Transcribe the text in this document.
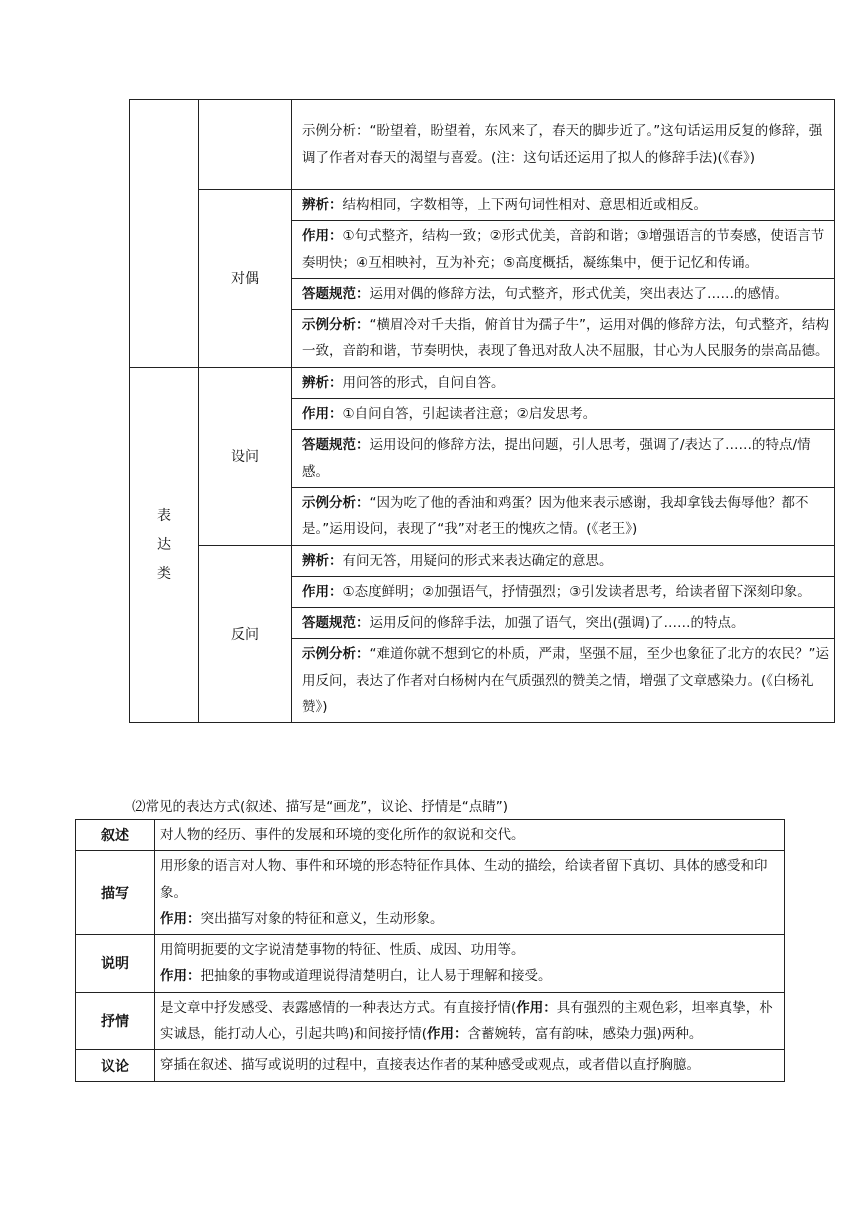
		示例分析：“盼望着，盼望着，东风来了，春天的脚步近了。”这句话运用反复的修辞，强调了作者对春天的渴望与喜爱。(注：这句话还运用了拟人的修辞手法)(《春》)
	对偶	辨析：结构相同，字数相等，上下两句词性相对、意思相近或相反。
		作用：①句式整齐，结构一致；②形式优美，音韵和谐；③增强语言的节奏感，使语言节奏明快；④互相映衬，互为补充；⑤高度概括，凝练集中，便于记忆和传诵。
		答题规范：运用对偶的修辞方法，句式整齐，形式优美，突出表达了……的感情。
		示例分析：“横眉冷对千夫指，俯首甘为孺子牛”，运用对偶的修辞方法，句式整齐，结构一致，音韵和谐，节奏明快，表现了鲁迅对敌人决不屈服，甘心为人民服务的崇高品德。

表达类	设问	辨析：用问答的形式，自问自答。
		作用：①自问自答，引起读者注意；②启发思考。
		答题规范：运用设问的修辞方法，提出问题，引人思考，强调了/表达了……的特点/情感。
		示例分析：“因为吃了他的香油和鸡蛋？因为他来表示感谢，我却拿钱去侮辱他？都不是。”运用设问，表现了“我”对老王的愧疚之情。(《老王》)
	反问	辨析：有问无答，用疑问的形式来表达确定的意思。
		作用：①态度鲜明；②加强语气，抒情强烈；③引发读者思考，给读者留下深刻印象。
		答题规范：运用反问的修辞手法，加强了语气，突出(强调)了……的特点。
		示例分析：“难道你就不想到它的朴质，严肃，坚强不屈，至少也象征了北方的农民？”运用反问，表达了作者对白杨树内在气质强烈的赞美之情，增强了文章感染力。(《白杨礼赞》)
⑵常见的表达方式(叙述、描写是“画龙”，议论、抒情是“点睛”)
叙述	对人物的经历、事件的发展和环境的变化所作的叙说和交代。
描写	用形象的语言对人物、事件和环境的形态特征作具体、生动的描绘，给读者留下真切、具体的感受和印象。
作用：突出描写对象的特征和意义，生动形象。

说明	用简明扼要的文字说清楚事物的特征、性质、成因、功用等。
作用：把抽象的事物或道理说得清楚明白，让人易于理解和接受。

抒情	是文章中抒发感受、表露感情的一种表达方式。有直接抒情(作用：具有强烈的主观色彩，坦率真挚，朴实诚恳，能打动人心，引起共鸣)和间接抒情(作用：含蓄婉转，富有韵味，感染力强)两种。
议论	穿插在叙述、描写或说明的过程中，直接表达作者的某种感受或观点，或者借以直抒胸臆。
